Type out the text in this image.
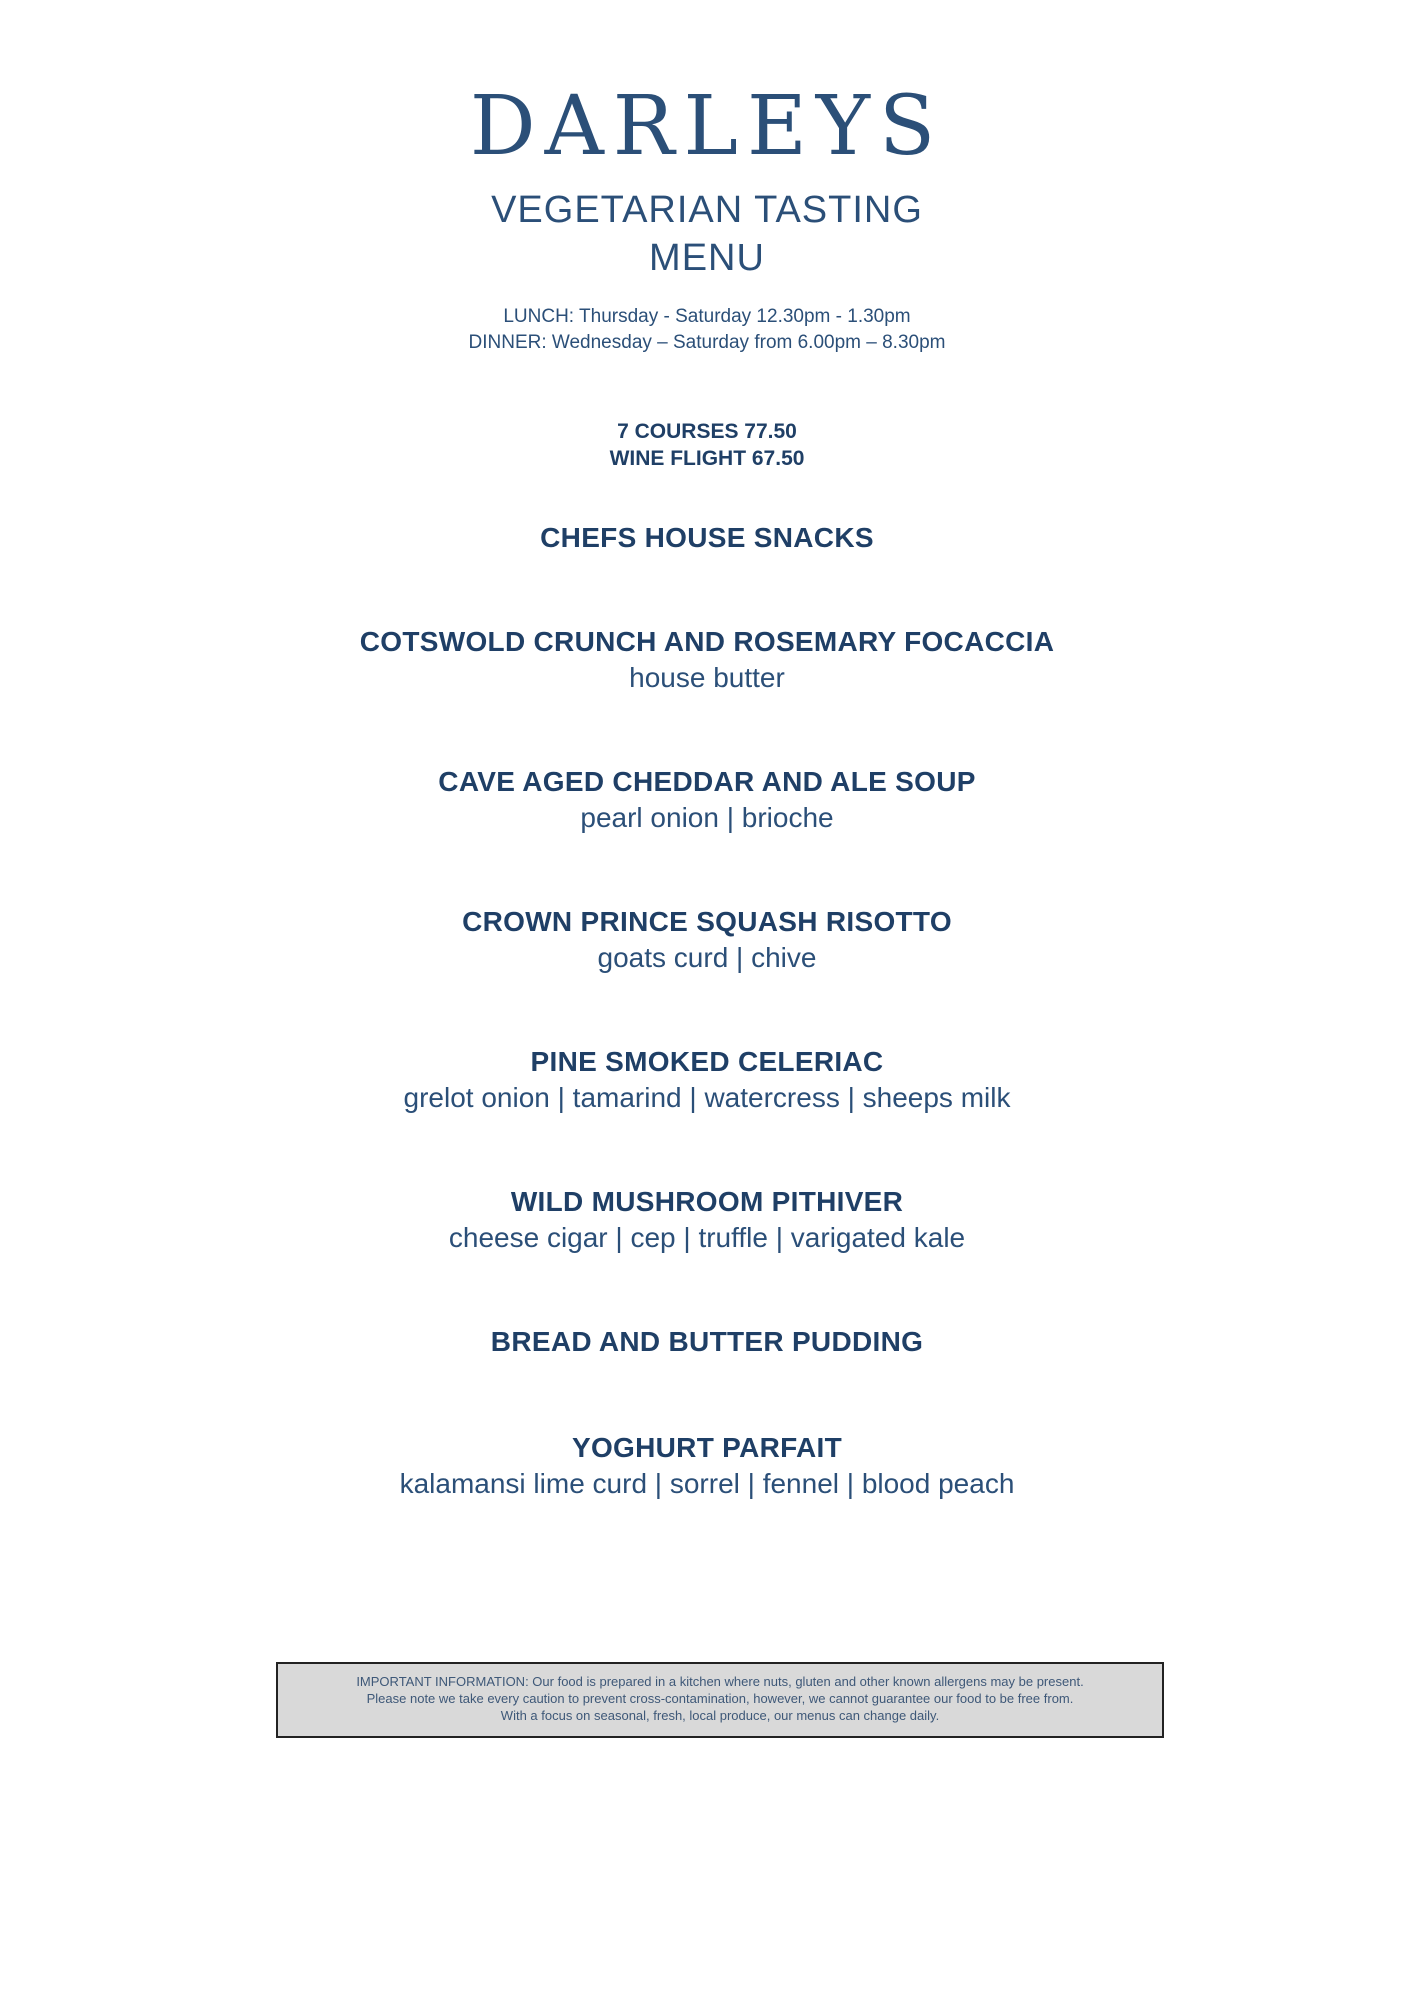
DARLEYS
VEGETARIAN TASTING
MENU
LUNCH: Thursday - Saturday 12.30pm - 1.30pm
DINNER: Wednesday – Saturday from 6.00pm – 8.30pm
7 COURSES 77.50
WINE FLIGHT 67.50
CHEFS HOUSE SNACKS
COTSWOLD CRUNCH AND ROSEMARY FOCACCIA
house butter
CAVE AGED CHEDDAR AND ALE SOUP
pearl onion | brioche
CROWN PRINCE SQUASH RISOTTO
goats curd | chive
PINE SMOKED CELERIAC
grelot onion | tamarind | watercress | sheeps milk
WILD MUSHROOM PITHIVER
cheese cigar | cep | truffle | varigated kale
BREAD AND BUTTER PUDDING
YOGHURT PARFAIT
kalamansi lime curd | sorrel | fennel | blood peach
IMPORTANT INFORMATION: Our food is prepared in a kitchen where nuts, gluten and other known allergens may be present.
Please note we take every caution to prevent cross-contamination, however, we cannot guarantee our food to be free from.
With a focus on seasonal, fresh, local produce, our menus can change daily.
